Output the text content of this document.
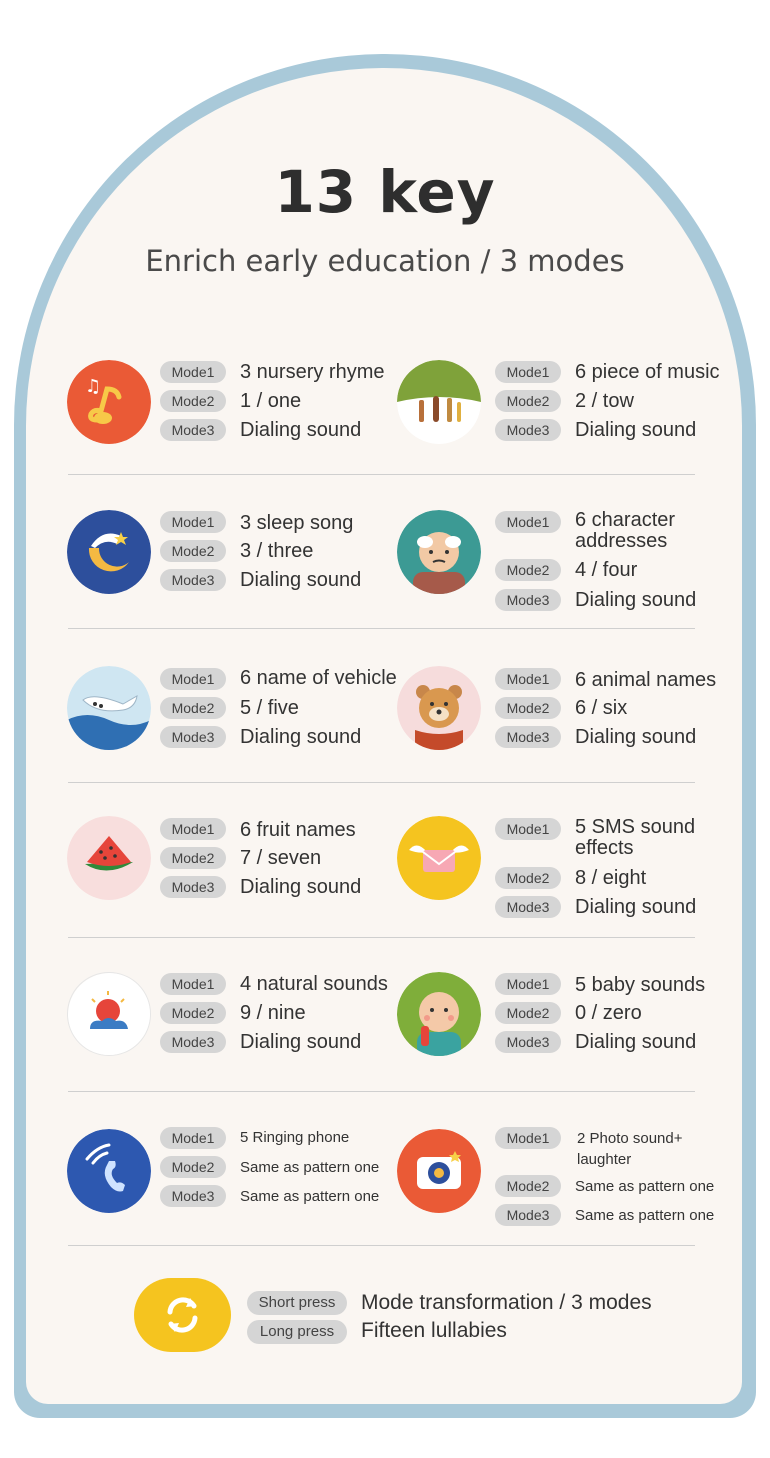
13 key
Enrich early education / 3 modes
♫
Mode1
Mode2
Mode3
3 nursery rhyme
1 / one
Dialing sound
Mode1
Mode2
Mode3
6 piece of music
2 / tow
Dialing sound
Mode1
Mode2
Mode3
3 sleep song
3 / three
Dialing sound
Mode1
Mode2
Mode3
6 character addresses
4 / four
Dialing sound
Mode1
Mode2
Mode3
6 name of vehicle
5 / five
Dialing sound
Mode1
Mode2
Mode3
6 animal names
6 / six
Dialing sound
Mode1
Mode2
Mode3
6 fruit names
7 / seven
Dialing sound
Mode1
Mode2
Mode3
5 SMS sound effects
8 / eight
Dialing sound
Mode1
Mode2
Mode3
4 natural sounds
9 / nine
Dialing sound
Mode1
Mode2
Mode3
5 baby sounds
0 / zero
Dialing sound
Mode1
Mode2
Mode3
5 Ringing phone
Same as pattern one
Same as pattern one
Mode1
Mode2
Mode3
2 Photo sound+ laughter
Same as pattern one
Same as pattern one
Short press
Long press
Mode transformation / 3 modes
Fifteen lullabies
